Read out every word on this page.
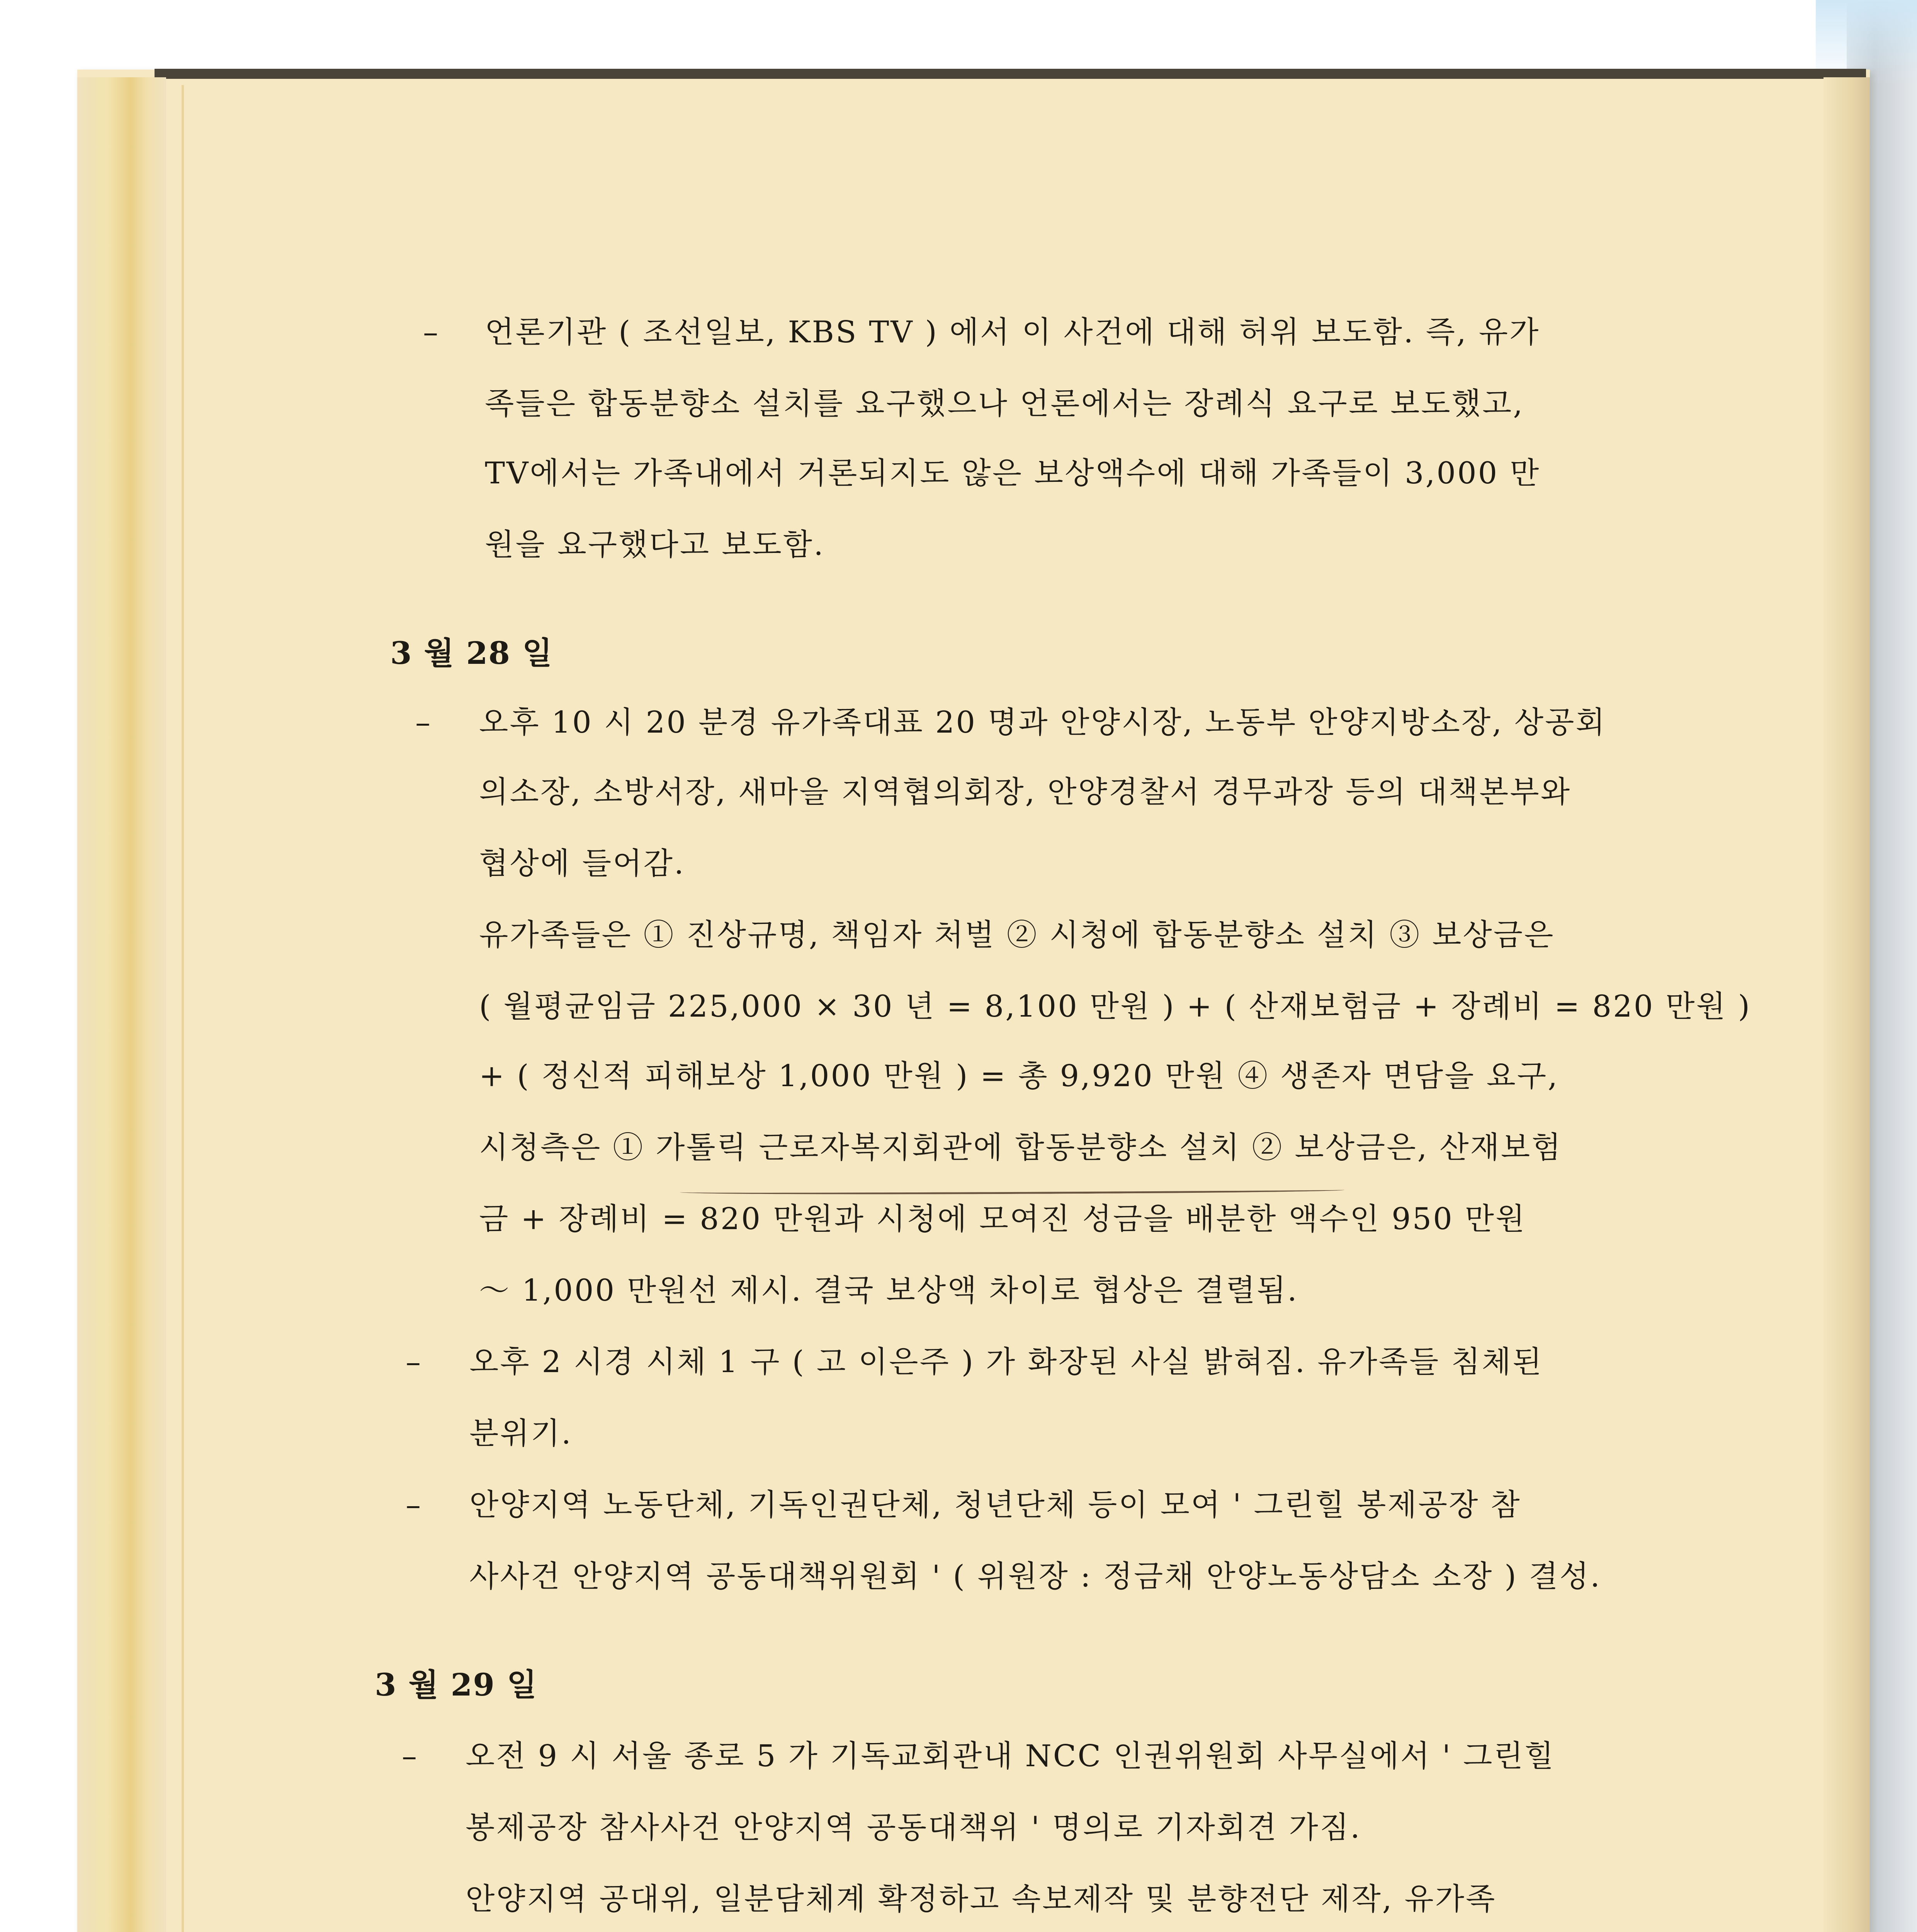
– 언론기관 ( 조선일보, KBS TV ) 에서 이 사건에 대해 허위 보도함. 즉, 유가
족들은 합동분향소 설치를 요구했으나 언론에서는 장례식 요구로 보도했고,
TV에서는 가족내에서 거론되지도 않은 보상액수에 대해 가족들이 3,000 만
원을 요구했다고 보도함.
3 월 28 일
– 오후 10 시 20 분경 유가족대표 20 명과 안양시장, 노동부 안양지방소장, 상공회
의소장, 소방서장, 새마을 지역협의회장, 안양경찰서 경무과장 등의 대책본부와
협상에 들어감.
유가족들은 ① 진상규명, 책임자 처벌 ② 시청에 합동분향소 설치 ③ 보상금은
( 월평균임금 225,000 × 30 년 = 8,100 만원 ) + ( 산재보험금 + 장례비 = 820 만원 )
+ ( 정신적 피해보상 1,000 만원 ) = 총 9,920 만원 ④ 생존자 면담을 요구,
시청측은 ① 가톨릭 근로자복지회관에 합동분향소 설치 ② 보상금은, 산재보험
금 + 장례비 = 820 만원과 시청에 모여진 성금을 배분한 액수인 950 만원
～ 1,000 만원선 제시. 결국 보상액 차이로 협상은 결렬됨.
– 오후 2 시경 시체 1 구 ( 고 이은주 ) 가 화장된 사실 밝혀짐. 유가족들 침체된
분위기.
– 안양지역 노동단체, 기독인권단체, 청년단체 등이 모여 ' 그린힐 봉제공장 참
사사건 안양지역 공동대책위원회 ' ( 위원장 : 정금채 안양노동상담소 소장 ) 결성.
3 월 29 일
– 오전 9 시 서울 종로 5 가 기독교회관내 NCC 인권위원회 사무실에서 ' 그린힐
봉제공장 참사사건 안양지역 공동대책위 ' 명의로 기자회견 가짐.
안양지역 공대위, 일분담체계 확정하고 속보제작 및 분향전단 제작, 유가족
